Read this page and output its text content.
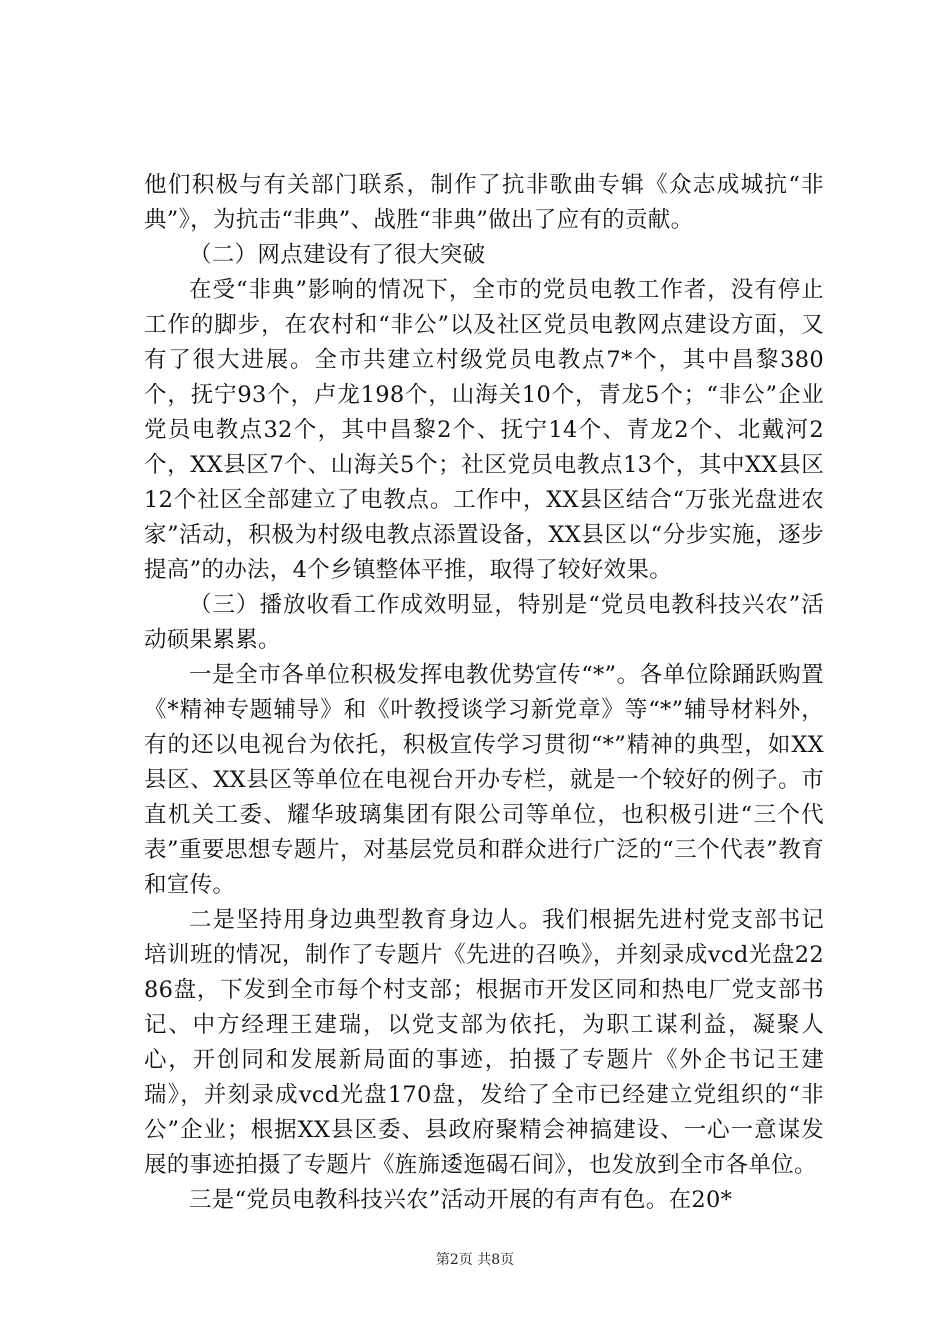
他们积极与有关部门联系，制作了抗非歌曲专辑《众志成城抗“非典”》，为抗击“非典”、战胜“非典”做出了应有的贡献。

（二）网点建设有了很大突破

在受“非典”影响的情况下，全市的党员电教工作者，没有停止工作的脚步，在农村和“非公”以及社区党员电教网点建设方面，又有了很大进展。全市共建立村级党员电教点7*个，其中昌黎380个，抚宁93个，卢龙198个，山海关10个，青龙5个；“非公”企业党员电教点32个，其中昌黎2个、抚宁14个、青龙2个、北戴河2个，XX县区7个、山海关5个；社区党员电教点13个，其中XX县区12个社区全部建立了电教点。工作中，XX县区结合“万张光盘进农家”活动，积极为村级电教点添置设备，XX县区以“分步实施，逐步提高”的办法，4个乡镇整体平推，取得了较好效果。

（三）播放收看工作成效明显，特别是“党员电教科技兴农”活动硕果累累。

一是全市各单位积极发挥电教优势宣传“*”。各单位除踊跃购置《*精神专题辅导》和《叶教授谈学习新党章》等“*”辅导材料外，有的还以电视台为依托，积极宣传学习贯彻“*”精神的典型，如XX县区、XX县区等单位在电视台开办专栏，就是一个较好的例子。市直机关工委、耀华玻璃集团有限公司等单位，也积极引进“三个代表”重要思想专题片，对基层党员和群众进行广泛的“三个代表”教育和宣传。

二是坚持用身边典型教育身边人。我们根据先进村党支部书记培训班的情况，制作了专题片《先进的召唤》，并刻录成vcd光盘2286盘，下发到全市每个村支部；根据市开发区同和热电厂党支部书记、中方经理王建瑞，以党支部为依托，为职工谋利益，凝聚人心，开创同和发展新局面的事迹，拍摄了专题片《外企书记王建瑞》，并刻录成vcd光盘170盘，发给了全市已经建立党组织的“非公”企业；根据XX县区委、县政府聚精会神搞建设、一心一意谋发展的事迹拍摄了专题片《旌旆逶迤碣石间》，也发放到全市各单位。

三是“党员电教科技兴农”活动开展的有声有色。在20*

第2页 共8页
